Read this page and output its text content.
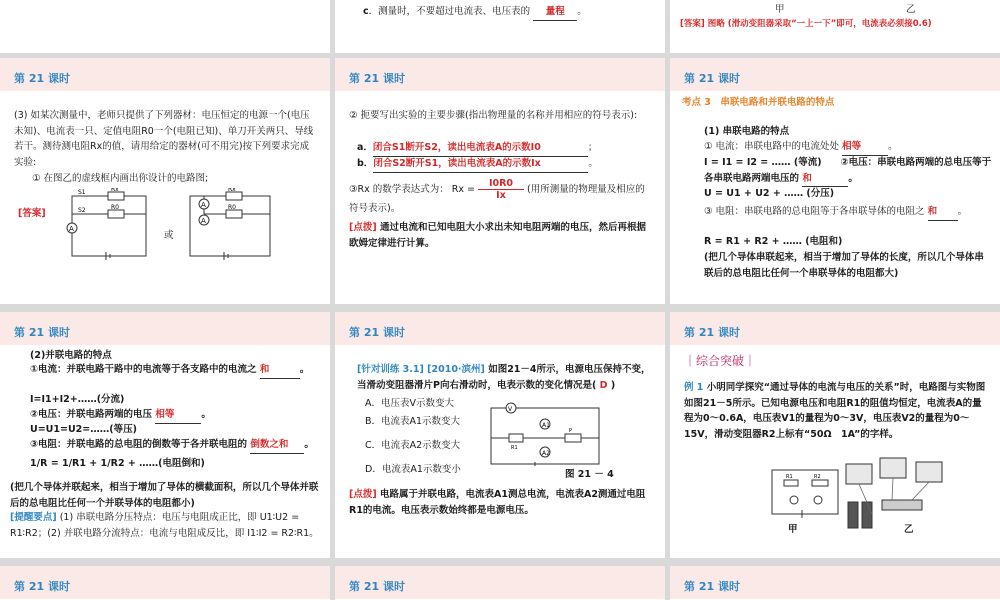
c．测量时，不要超过电流表、电压表的 量程 。	甲	乙
[答案] 图略 (滑动变阻器采取“一上一下”即可，电流表必须接0.6)
第 21 课时
(3) 如某次测量中，老师只提供了下列器材：电压恒定的电源一个(电压未知)、电流表一只、定值电阻R0一个(电阻已知)、单刀开关两只、导线若干。测待测电阻Rx的值，请用给定的器材(可不用完)按下列要求完成实验:
① 在图乙的虚线框内画出你设计的电路图;
[答案]
A
S1
S2
Rx
R0
或
A
A
Rx
R0
第 21 课时
② 扼要写出实验的主要步骤(指出物理量的名称并用相应的符号表示):
a．闭合S1断开S2，读出电流表A的示数I0	；
b．闭合S2断开S1，读出电流表A的示数Ix	。
③Rx 的数学表达式为： $Rx = \frac{I0R0}{Ix}$ (用所测量的物理量及相应的符号表示)。
[点拨] 通过电流和已知电阻大小求出未知电阻两端的电压，然后再根据欧姆定律进行计算。
第 21 课时
考点 3　串联电路和并联电路的特点
(1) 串联电路的特点
① 电流：串联电路中的电流处处 相等	。
I = I1 = I2 = …… (等流)　　②电压：串联电路两端的总电压等于各串联电路两端电压的 和	。
U = U1 + U2 + …… (分压)
③ 电阻：串联电路的总电阻等于各串联导体的电阻之 和 。
R = R1 + R2 + …… (电阻和)
(把几个导体串联起来，相当于增加了导体的长度，所以几个导体串联后的总电阻比任何一个串联导体的电阻都大)
第 21 课时
(2)并联电路的特点
①电流：并联电路干路中的电流等于各支路中的电流之 和	。
I=I1+I2+……(分流)
②电压：并联电路两端的电压 相等	。
U=U1=U2=……(等压)
③电阻：并联电路的总电阻的倒数等于各并联电阻的 倒数之和 。
1/R = 1/R1 + 1/R2 + ……(电阻倒和)
(把几个导体并联起来，相当于增加了导体的横截面积，所以几个导体并联后的总电阻比任何一个并联导体的电阻都小)
[提醒要点] (1) 串联电路分压特点：电压与电阻成正比，即 U1∶U2 = R1∶R2；(2) 并联电路分流特点：电流与电阻成反比，即 I1∶I2 = R2∶R1。
第 21 课时
[针对训练 3.1] [2010·滨州] 如图21－4所示，电源电压保持不变，当滑动变阻器滑片P向右滑动时，电表示数的变化情况是( D )
A．电压表V示数变大
B．电流表A1示数变大
C．电流表A2示数变大
D．电流表A1示数变小
V
A1
A2
R1
P
图 21 － 4
[点拨] 电路属于并联电路，电流表A1测总电流，电流表A2测通过电阻R1的电流。电压表示数始终都是电源电压。
第 21 课时
｜综合突破｜
例 1 小明同学探究“通过导体的电流与电压的关系”时，电路图与实物图如图21－5所示。已知电源电压和电阻R1的阻值均恒定，电流表A的量程为0～0.6A，电压表V1的量程为0～3V，电压表V2的量程为0～15V，滑动变阻器R2上标有“50Ω　1A”的字样。
R1	R2
甲	乙
第 21 课时	第 21 课时	第 21 课时
